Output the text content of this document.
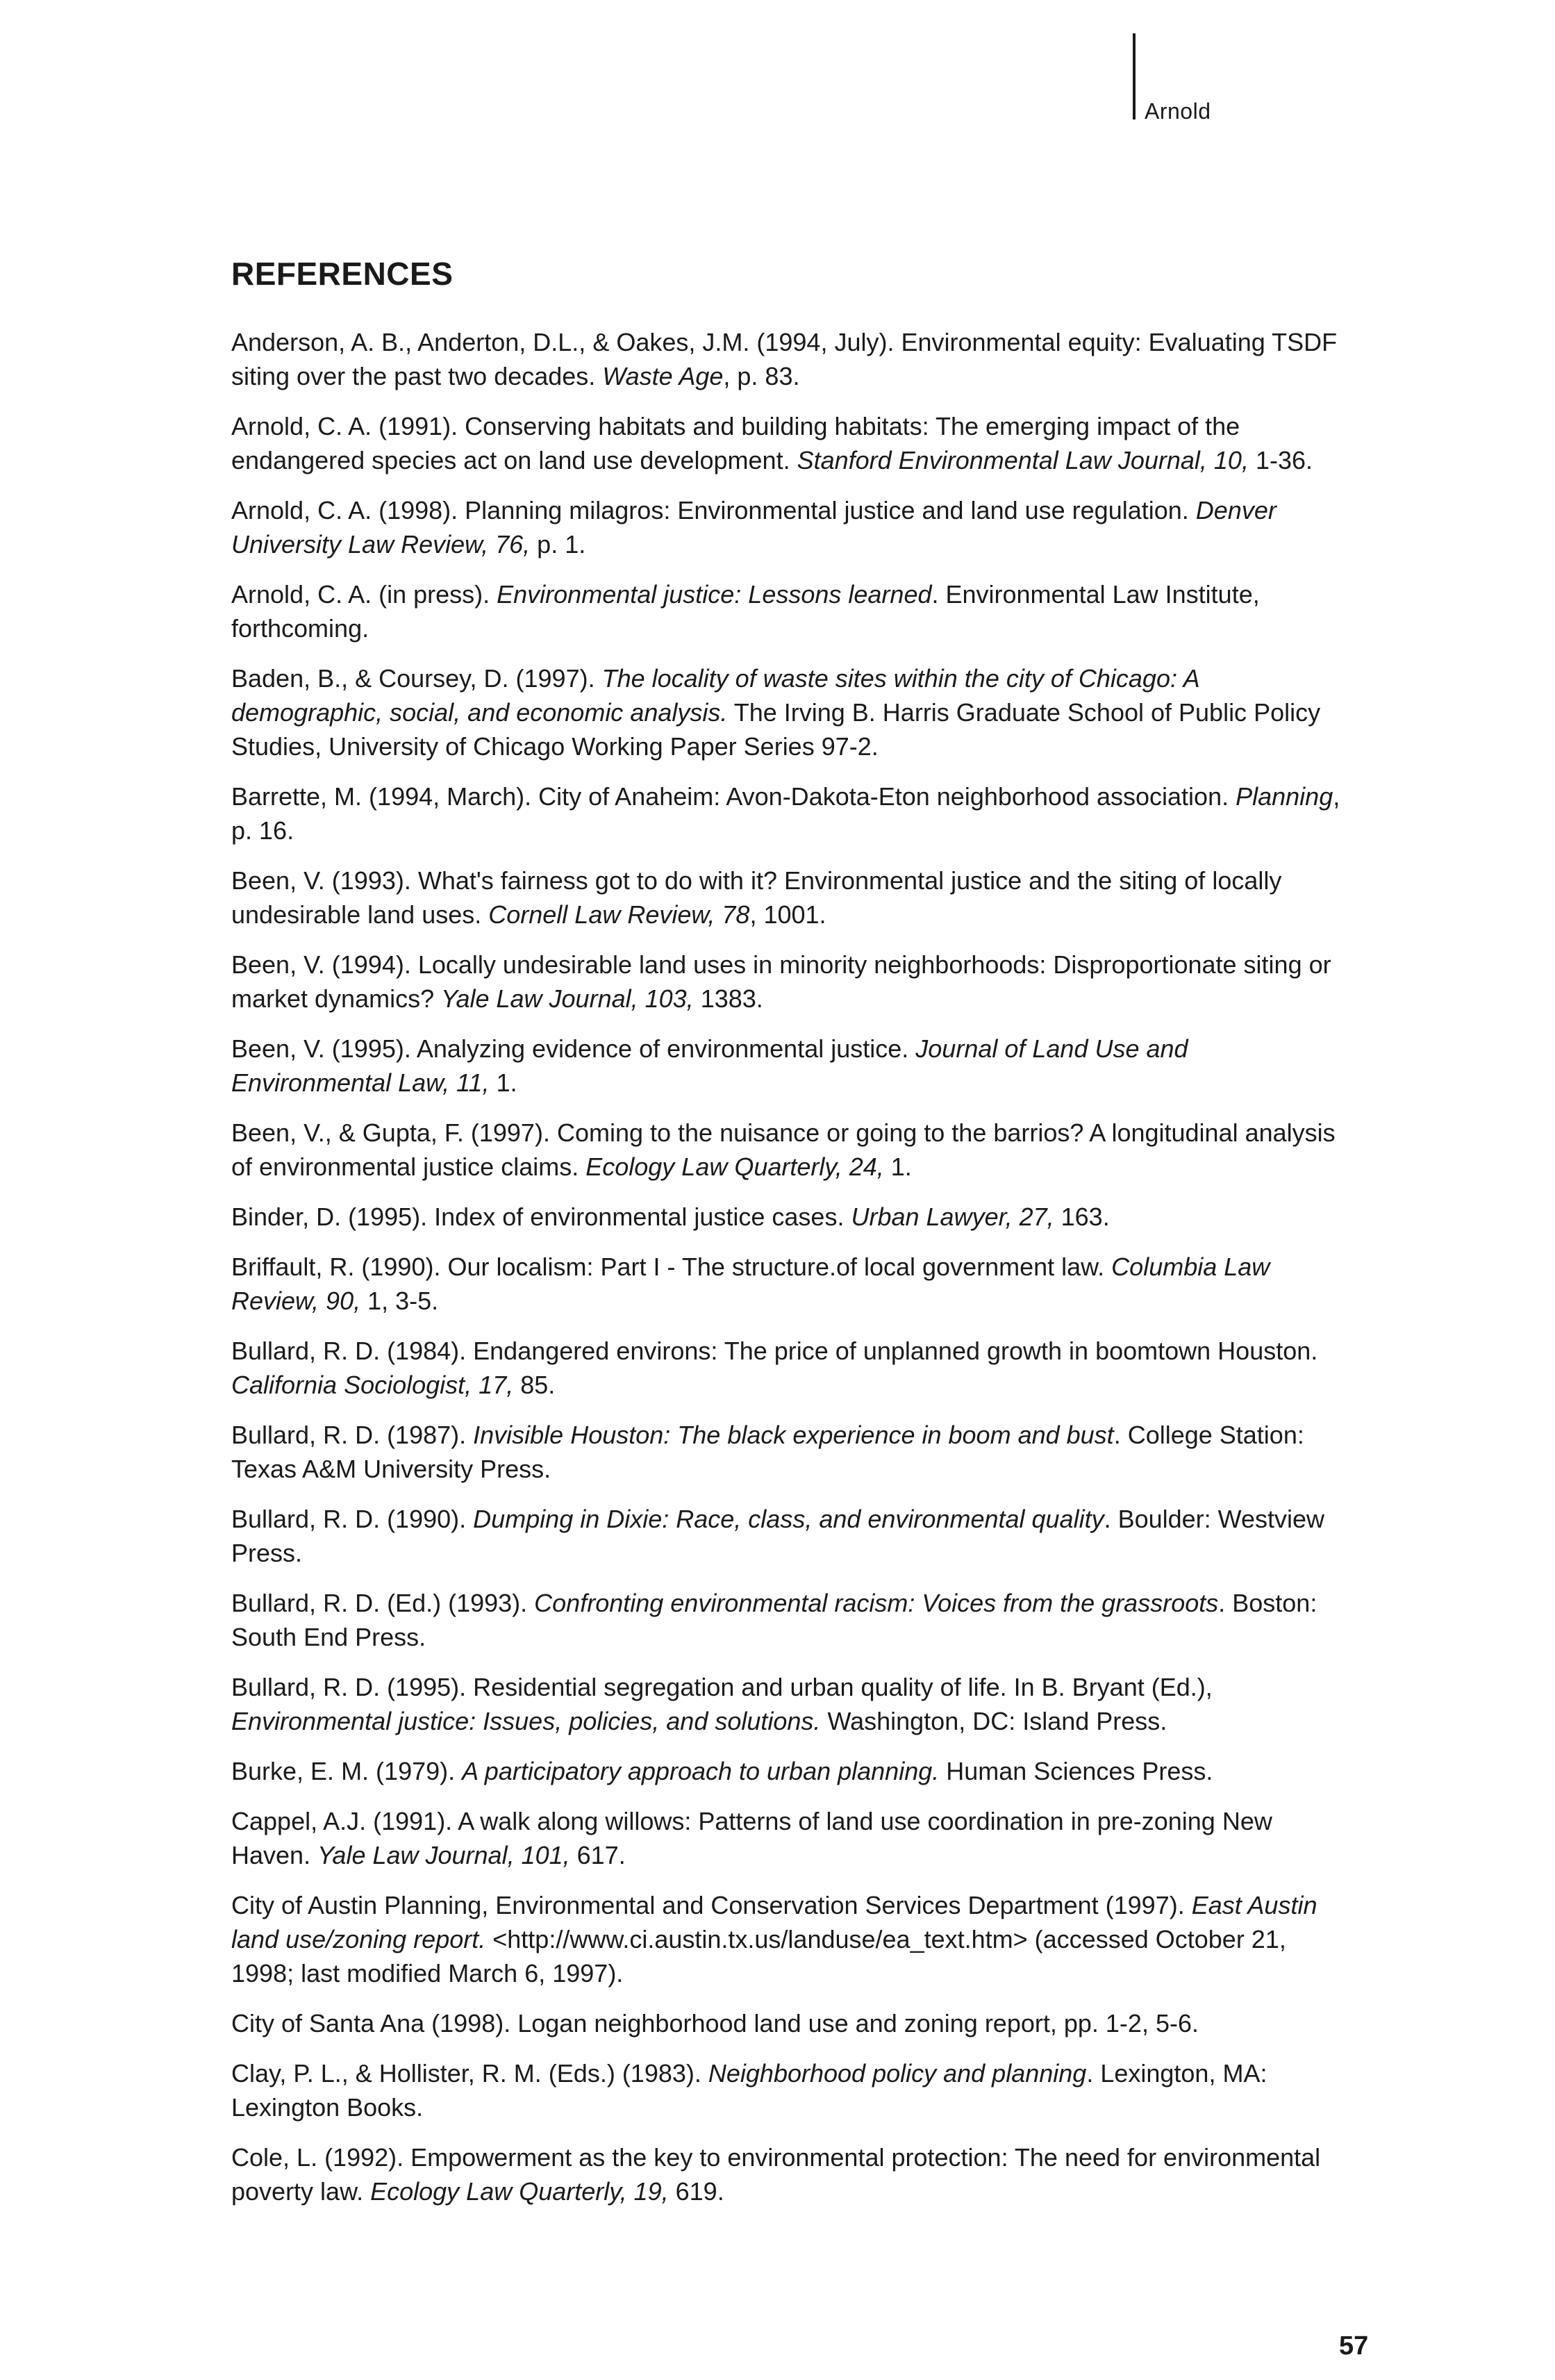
Arnold
REFERENCES

Anderson, A. B., Anderton, D.L., & Oakes, J.M. (1994, July). Environmental equity: Evaluating TSDF siting over the past two decades. Waste Age, p. 83.

Arnold, C. A. (1991). Conserving habitats and building habitats: The emerging impact of the endangered species act on land use development. Stanford Environmental Law Journal, 10, 1-36.

Arnold, C. A. (1998). Planning milagros: Environmental justice and land use regulation. Denver University Law Review, 76, p. 1.

Arnold, C. A. (in press). Environmental justice: Lessons learned. Environmental Law Institute, forthcoming.

Baden, B., & Coursey, D. (1997). The locality of waste sites within the city of Chicago: A demographic, social, and economic analysis. The Irving B. Harris Graduate School of Public Policy Studies, University of Chicago Working Paper Series 97-2.

Barrette, M. (1994, March). City of Anaheim: Avon-Dakota-Eton neighborhood association. Planning, p. 16.

Been, V. (1993). What's fairness got to do with it? Environmental justice and the siting of locally undesirable land uses. Cornell Law Review, 78, 1001.

Been, V. (1994). Locally undesirable land uses in minority neighborhoods: Disproportionate siting or market dynamics? Yale Law Journal, 103, 1383.

Been, V. (1995). Analyzing evidence of environmental justice. Journal of Land Use and Environmental Law, 11, 1.

Been, V., & Gupta, F. (1997). Coming to the nuisance or going to the barrios? A longitudinal analysis of environmental justice claims. Ecology Law Quarterly, 24, 1.

Binder, D. (1995). Index of environmental justice cases. Urban Lawyer, 27, 163.

Briffault, R. (1990). Our localism: Part I - The structure.of local government law. Columbia Law Review, 90, 1, 3-5.

Bullard, R. D. (1984). Endangered environs: The price of unplanned growth in boomtown Houston. California Sociologist, 17, 85.

Bullard, R. D. (1987). Invisible Houston: The black experience in boom and bust. College Station: Texas A&M University Press.

Bullard, R. D. (1990). Dumping in Dixie: Race, class, and environmental quality. Boulder: Westview Press.

Bullard, R. D. (Ed.) (1993). Confronting environmental racism: Voices from the grassroots. Boston: South End Press.

Bullard, R. D. (1995). Residential segregation and urban quality of life. In B. Bryant (Ed.), Environmental justice: Issues, policies, and solutions. Washington, DC: Island Press.

Burke, E. M. (1979). A participatory approach to urban planning. Human Sciences Press.

Cappel, A.J. (1991). A walk along willows: Patterns of land use coordination in pre-zoning New Haven. Yale Law Journal, 101, 617.

City of Austin Planning, Environmental and Conservation Services Department (1997). East Austin land use/zoning report. <http://www.ci.austin.tx.us/landuse/ea_text.htm> (accessed October 21, 1998; last modified March 6, 1997).

City of Santa Ana (1998). Logan neighborhood land use and zoning report, pp. 1-2, 5-6.

Clay, P. L., & Hollister, R. M. (Eds.) (1983). Neighborhood policy and planning. Lexington, MA: Lexington Books.

Cole, L. (1992). Empowerment as the key to environmental protection: The need for environmental poverty law. Ecology Law Quarterly, 19, 619.

57
